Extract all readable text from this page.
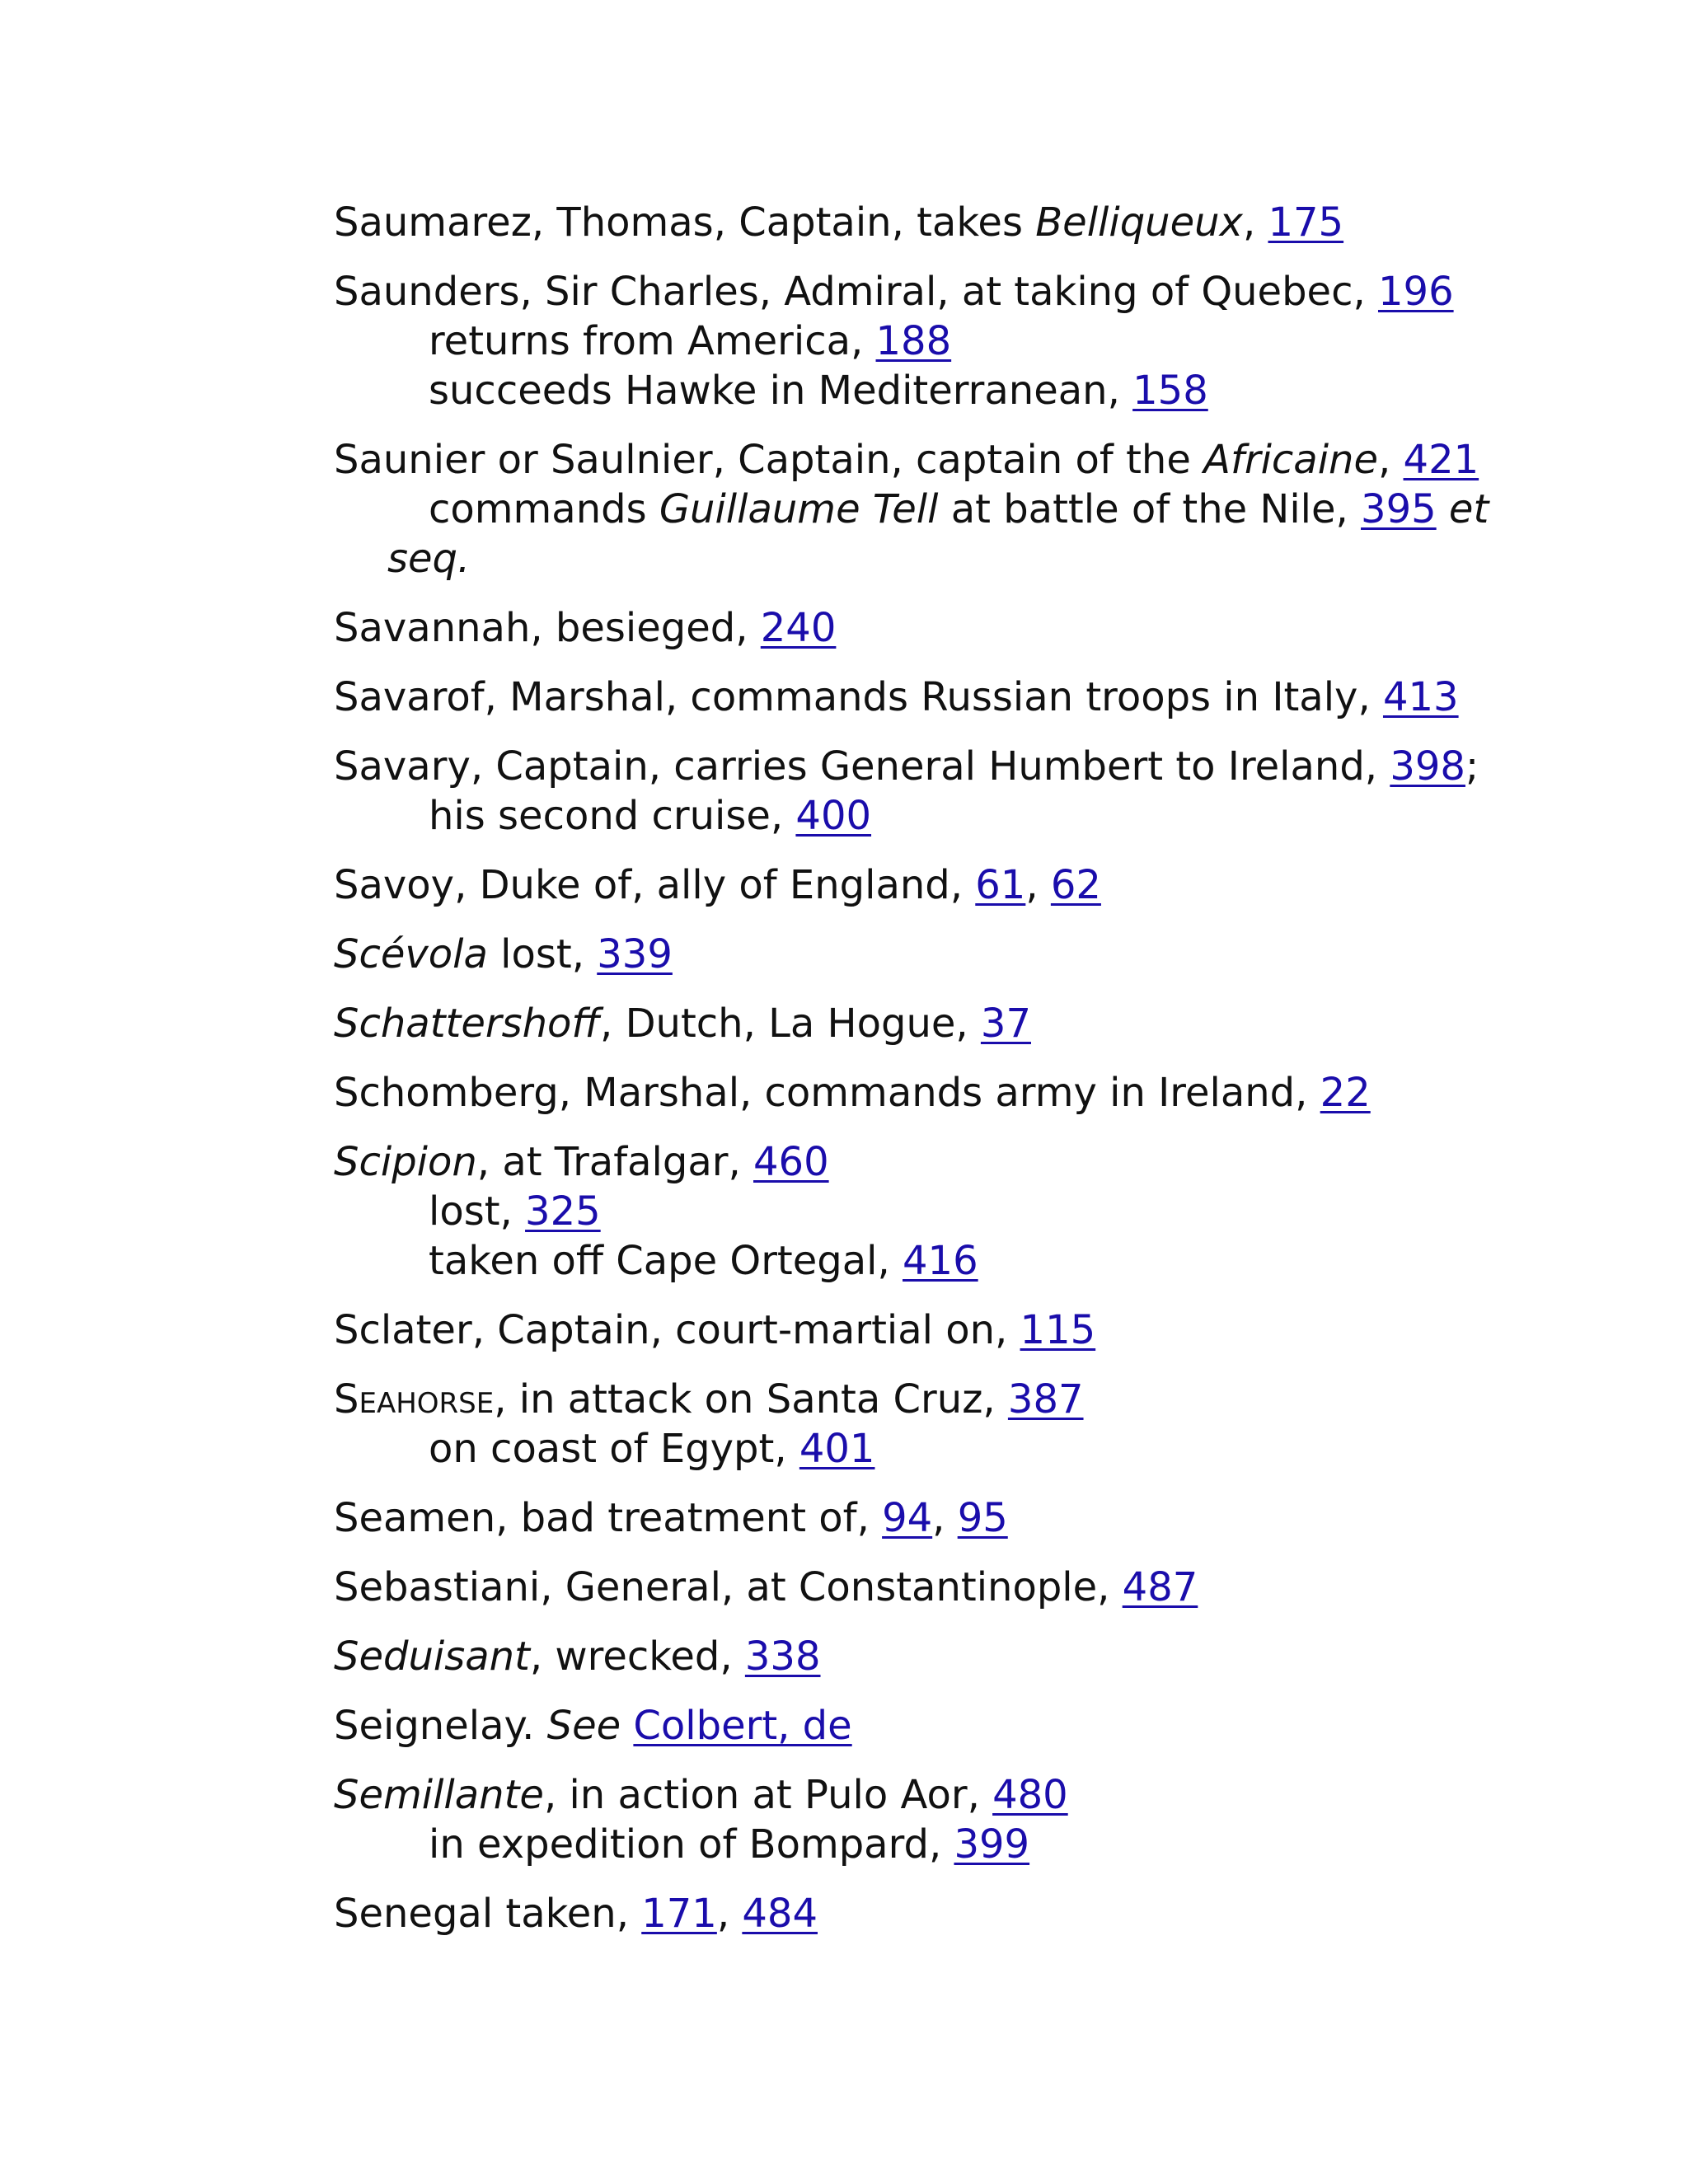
Saumarez, Thomas, Captain, takes Belliqueux, 175
Saunders, Sir Charles, Admiral, at taking of Quebec, 196
returns from America, 188
succeeds Hawke in Mediterranean, 158
Saunier or Saulnier, Captain, captain of the Africaine, 421
commands Guillaume Tell at battle of the Nile, 395 et
seq.
Savannah, besieged, 240
Savarof, Marshal, commands Russian troops in Italy, 413
Savary, Captain, carries General Humbert to Ireland, 398;
his second cruise, 400
Savoy, Duke of, ally of England, 61, 62
Scévola lost, 339
Schattershoff, Dutch, La Hogue, 37
Schomberg, Marshal, commands army in Ireland, 22
Scipion, at Trafalgar, 460
lost, 325
taken off Cape Ortegal, 416
Sclater, Captain, court-martial on, 115
Seahorse, in attack on Santa Cruz, 387
on coast of Egypt, 401
Seamen, bad treatment of, 94, 95
Sebastiani, General, at Constantinople, 487
Seduisant, wrecked, 338
Seignelay. See Colbert, de
Semillante, in action at Pulo Aor, 480
in expedition of Bompard, 399
Senegal taken, 171, 484
